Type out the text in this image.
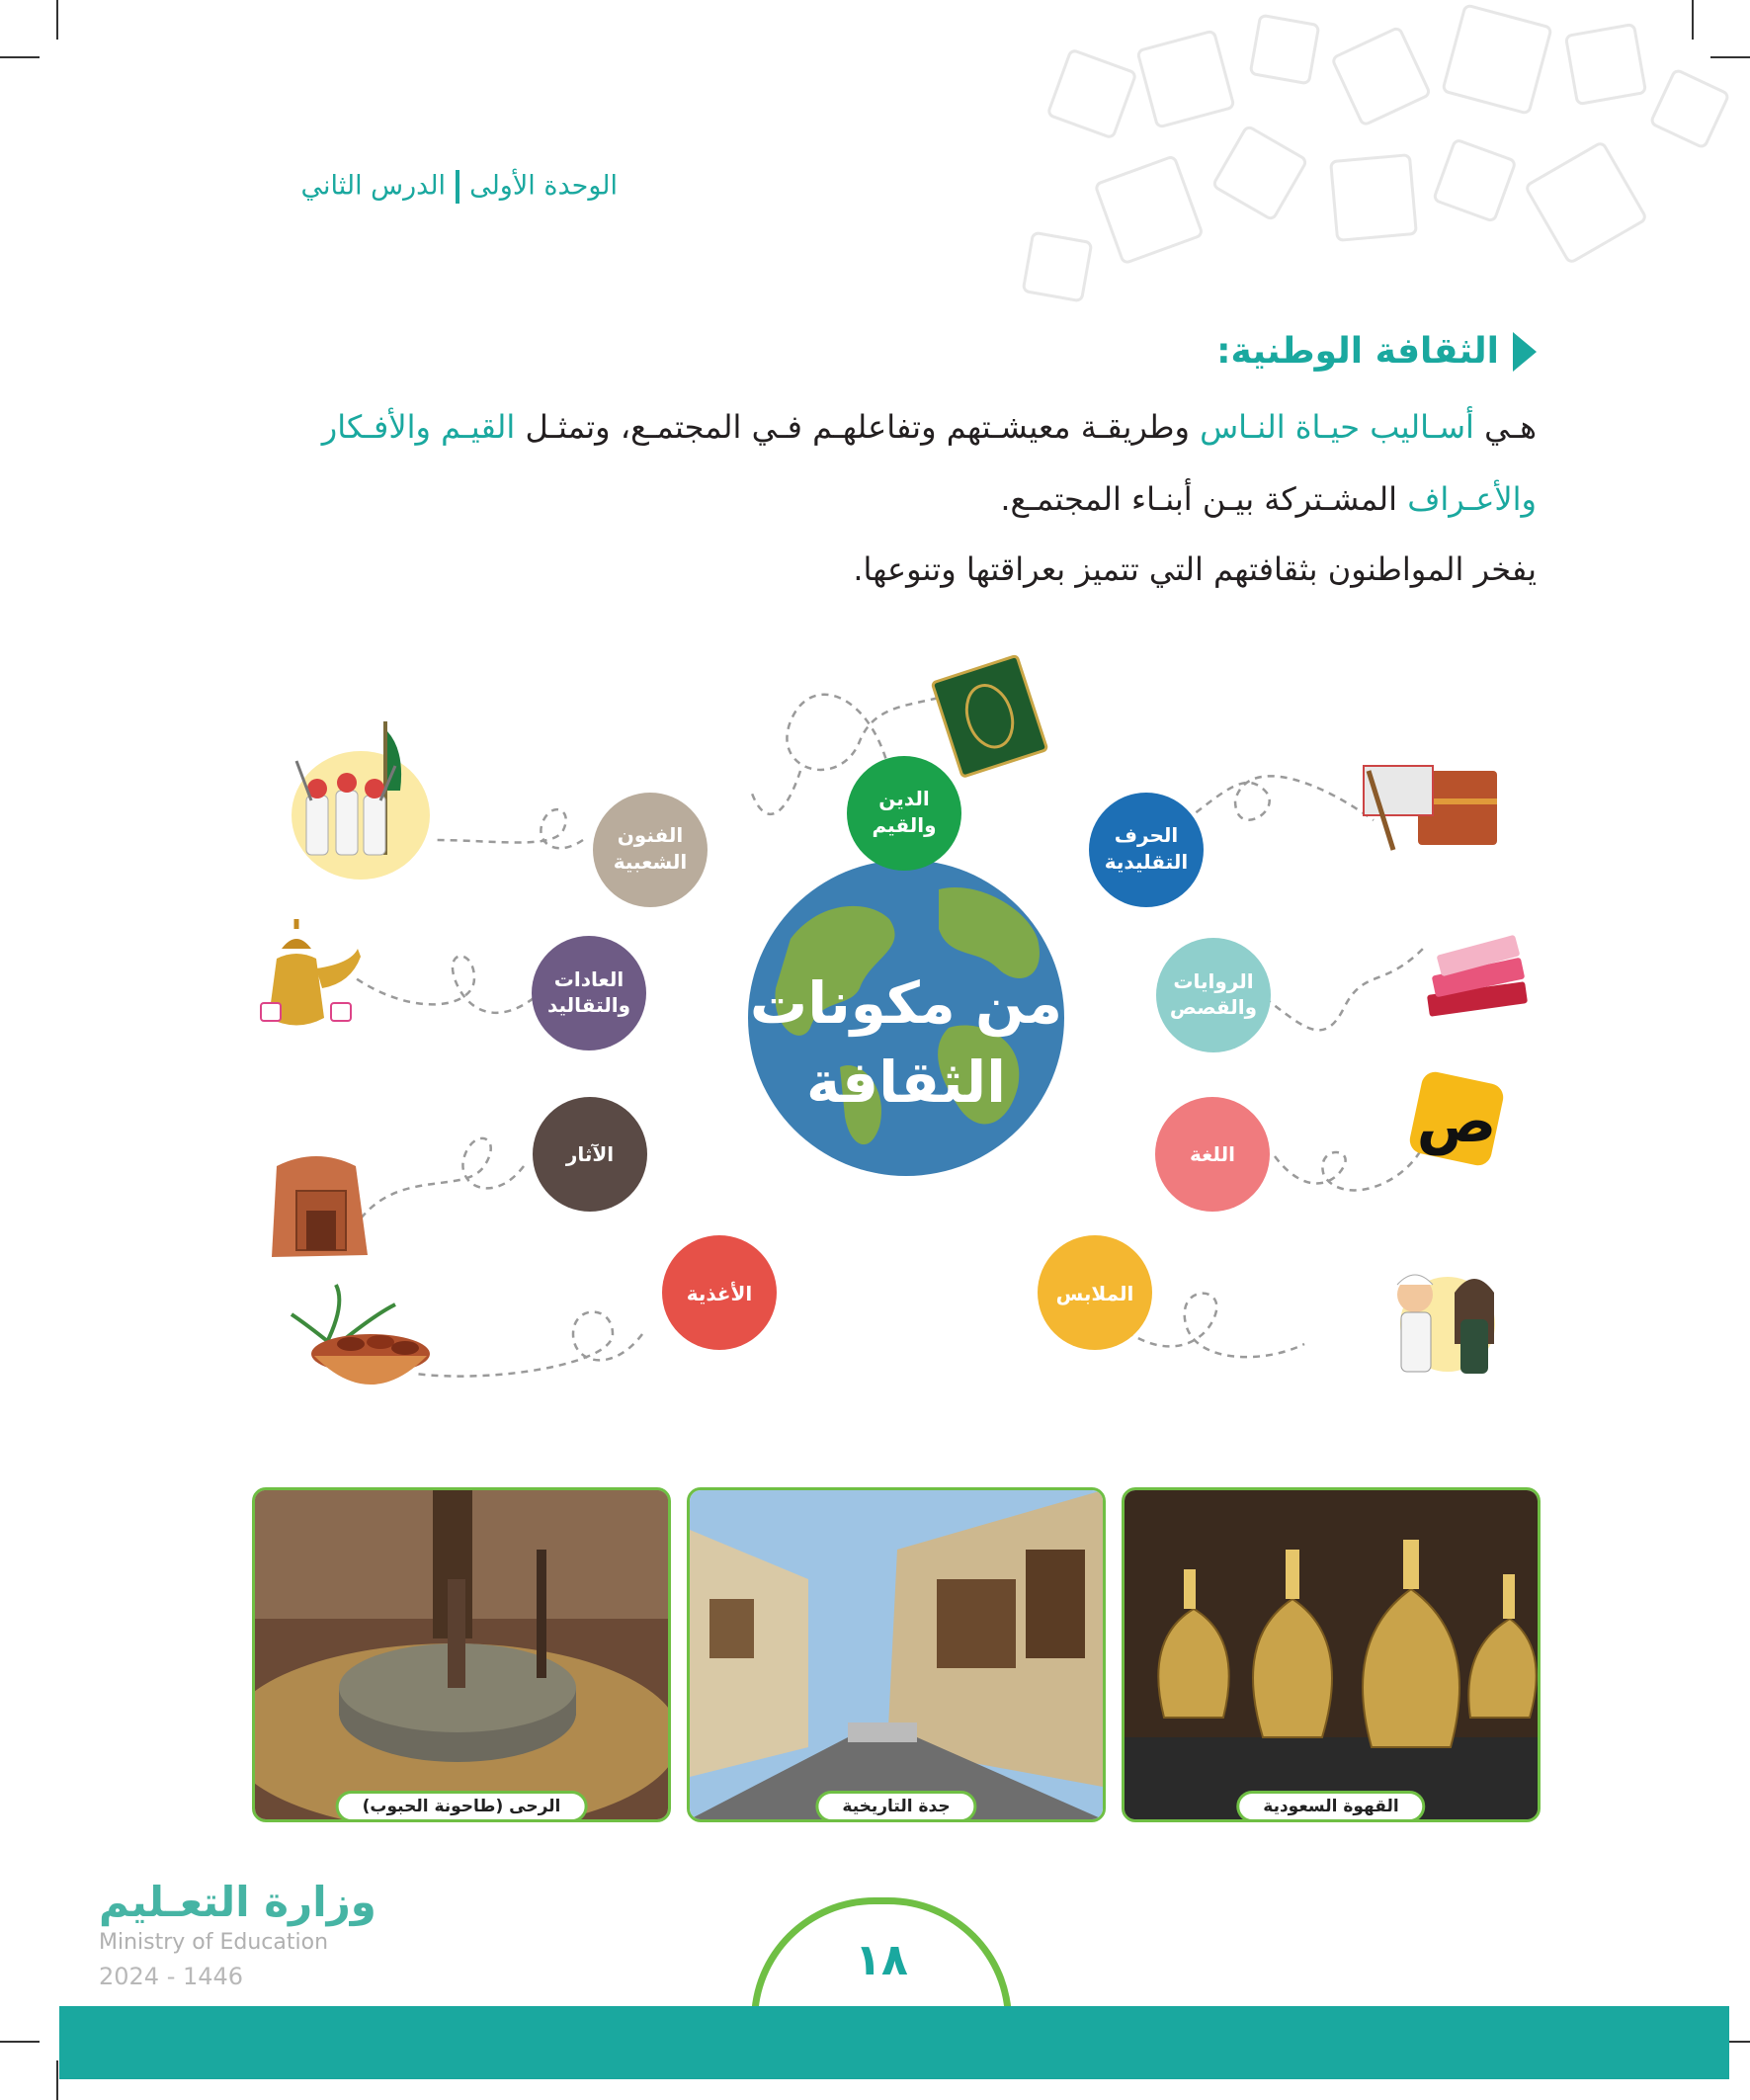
الوحدة الأولىالدرس الثاني
الثقافة الوطنية:
هـي أسـاليب حيـاة النـاس وطريقـة معيشـتهم وتفاعلهـم فـي المجتمـع، وتمثـل القيـم والأفـكار
والأعـراف المشـتركة بيـن أبنـاء المجتمـع.
يفخر المواطنون بثقافتهم التي تتميز بعراقتها وتنوعها.
من مكونات
الثقافة
الدين
والقيم	الحرف
التقليدية
الروايات
والقصص
اللغة
الملابس
الأغذية
الآثار
العادات
والتقاليد
الفنون
الشعبية
ص
القهوة السعودية
جدة التاريخية
الرحى (طاحونة الحبوب)
وزارة التعـليم
Ministry of Education
2024 - 1446	١٨
